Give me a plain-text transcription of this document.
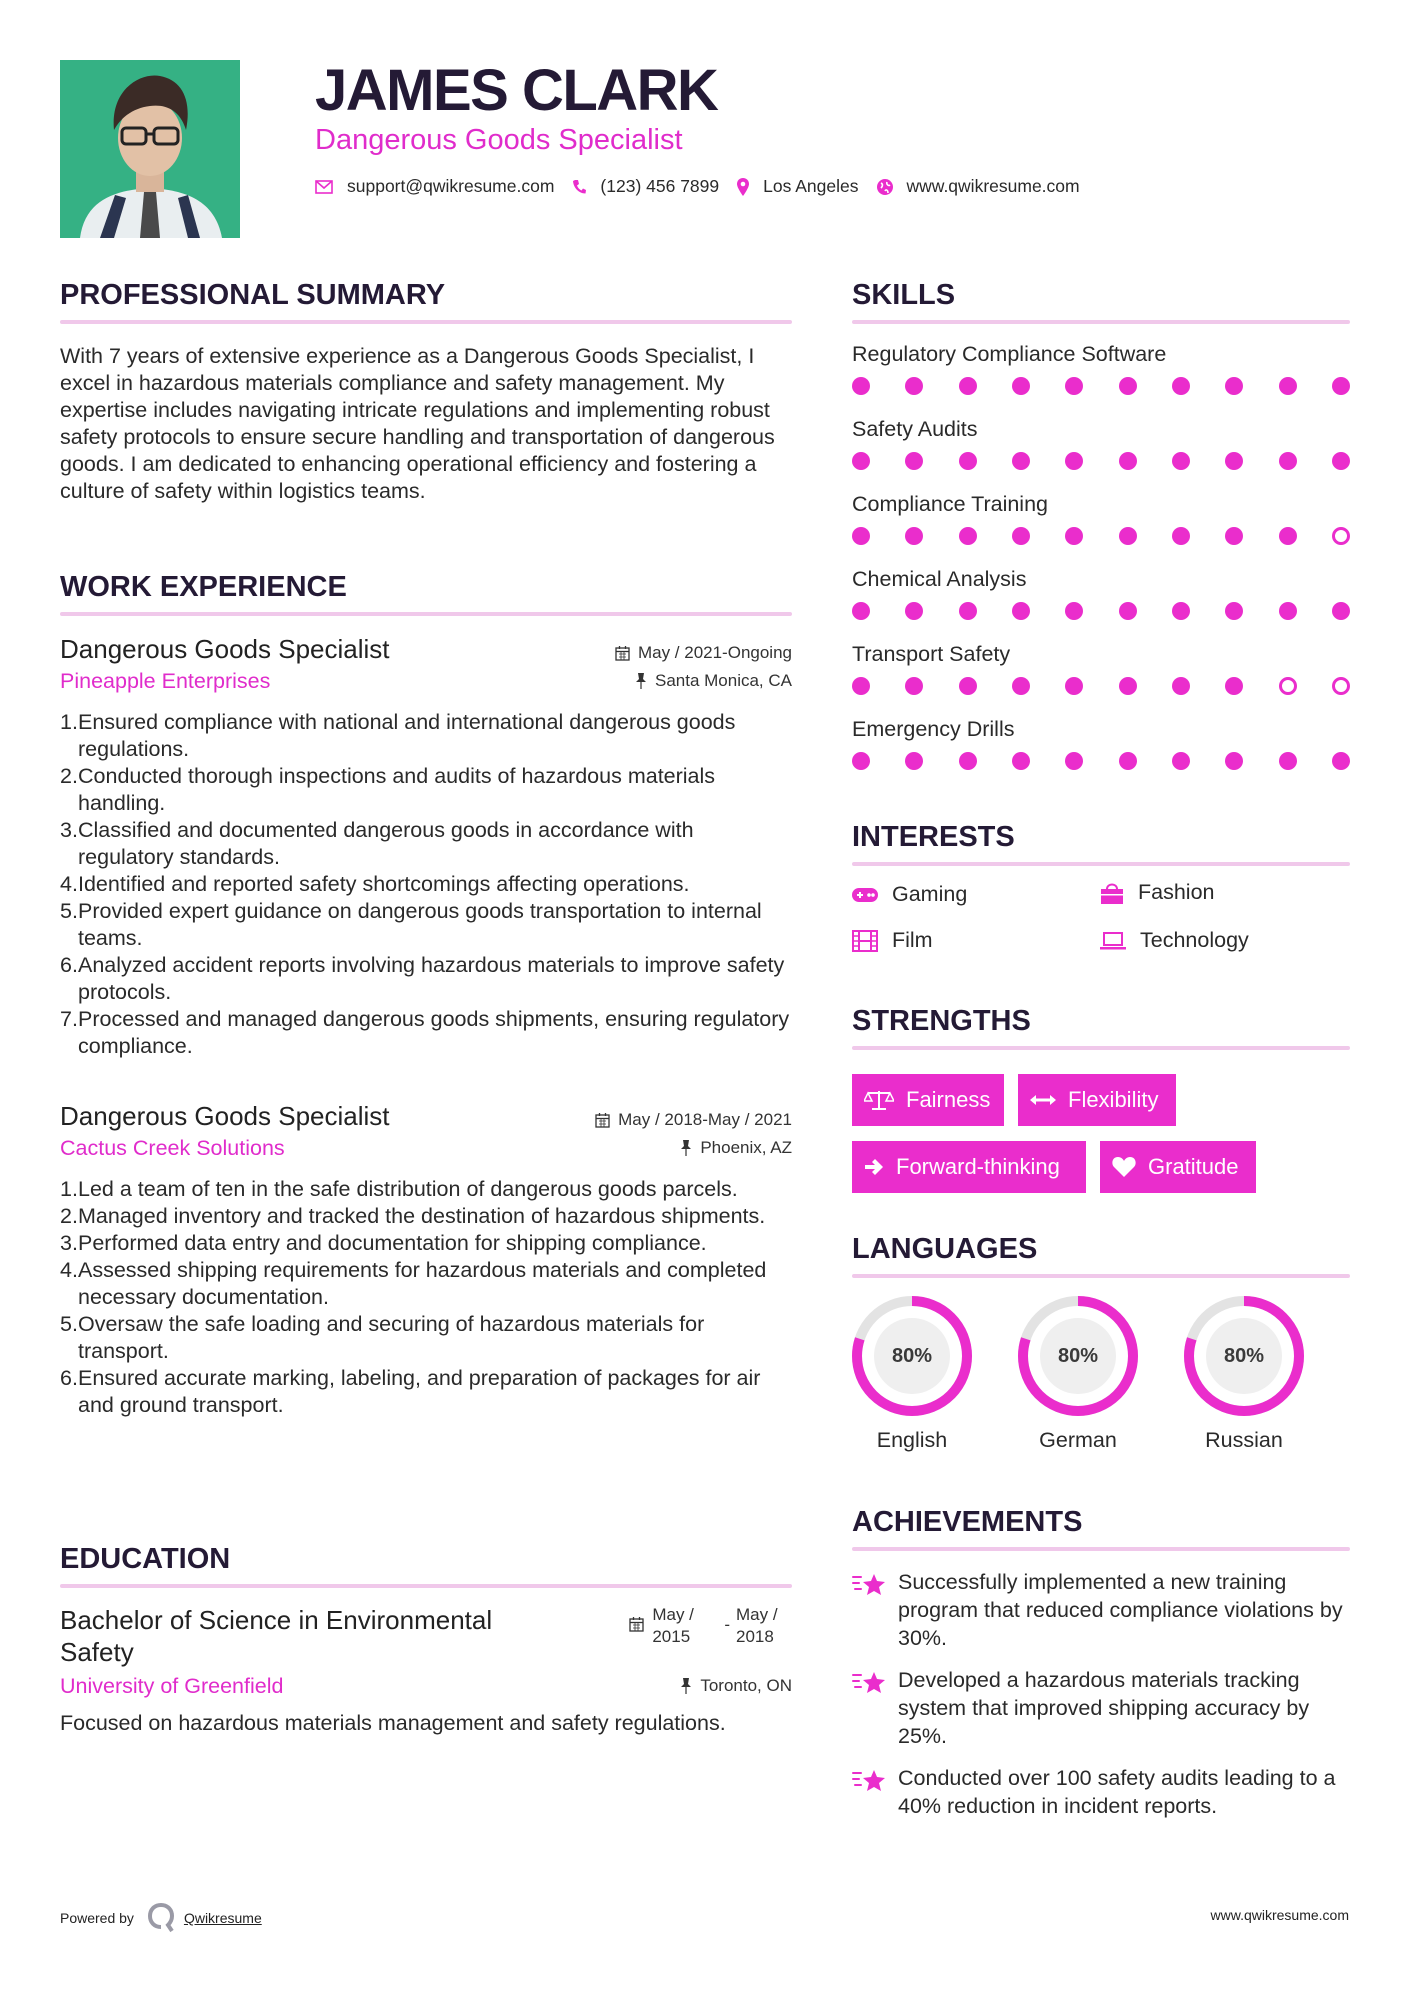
JAMES CLARK
Dangerous Goods Specialist
support@qwikresume.com	(123) 456 7899	Los Angeles	www.qwikresume.com
PROFESSIONAL SUMMARY
With 7 years of extensive experience as a Dangerous Goods Specialist, I excel in hazardous materials compliance and safety management. My expertise includes navigating intricate regulations and implementing robust safety protocols to ensure secure handling and transportation of dangerous goods. I am dedicated to enhancing operational efficiency and fostering a culture of safety within logistics teams.
WORK EXPERIENCE
Dangerous Goods Specialist	May / 2021-Ongoing
Pineapple Enterprises	Santa Monica, CA
1. Ensured compliance with national and international dangerous goods regulations.
2. Conducted thorough inspections and audits of hazardous materials handling.
3. Classified and documented dangerous goods in accordance with regulatory standards.
4. Identified and reported safety shortcomings affecting operations.
5. Provided expert guidance on dangerous goods transportation to internal teams.
6. Analyzed accident reports involving hazardous materials to improve safety protocols.
7. Processed and managed dangerous goods shipments, ensuring regulatory compliance.
Dangerous Goods Specialist	May / 2018-May / 2021
Cactus Creek Solutions	Phoenix, AZ
1. Led a team of ten in the safe distribution of dangerous goods parcels.
2. Managed inventory and tracked the destination of hazardous shipments.
3. Performed data entry and documentation for shipping compliance.
4. Assessed shipping requirements for hazardous materials and completed necessary documentation.
5. Oversaw the safe loading and securing of hazardous materials for transport.
6. Ensured accurate marking, labeling, and preparation of packages for air and ground transport.
EDUCATION
Bachelor of Science in Environmental Safety
May / 2015
-
May / 2018
University of Greenfield	Toronto, ON
Focused on hazardous materials management and safety regulations.
SKILLS
Regulatory Compliance Software
Safety Audits
Compliance Training
Chemical Analysis
Transport Safety
Emergency Drills
INTERESTS
Gaming	Fashion
Film	Technology
STRENGTHS
Fairness	Flexibility
Forward-thinking	Gratitude
LANGUAGES
80%
English
80%
German
80%
Russian
ACHIEVEMENTS
Successfully implemented a new training program that reduced compliance violations by 30%.
Developed a hazardous materials tracking system that improved shipping accuracy by 25%.
Conducted over 100 safety audits leading to a 40% reduction in incident reports.
Powered by	Qwikresume	www.qwikresume.com
